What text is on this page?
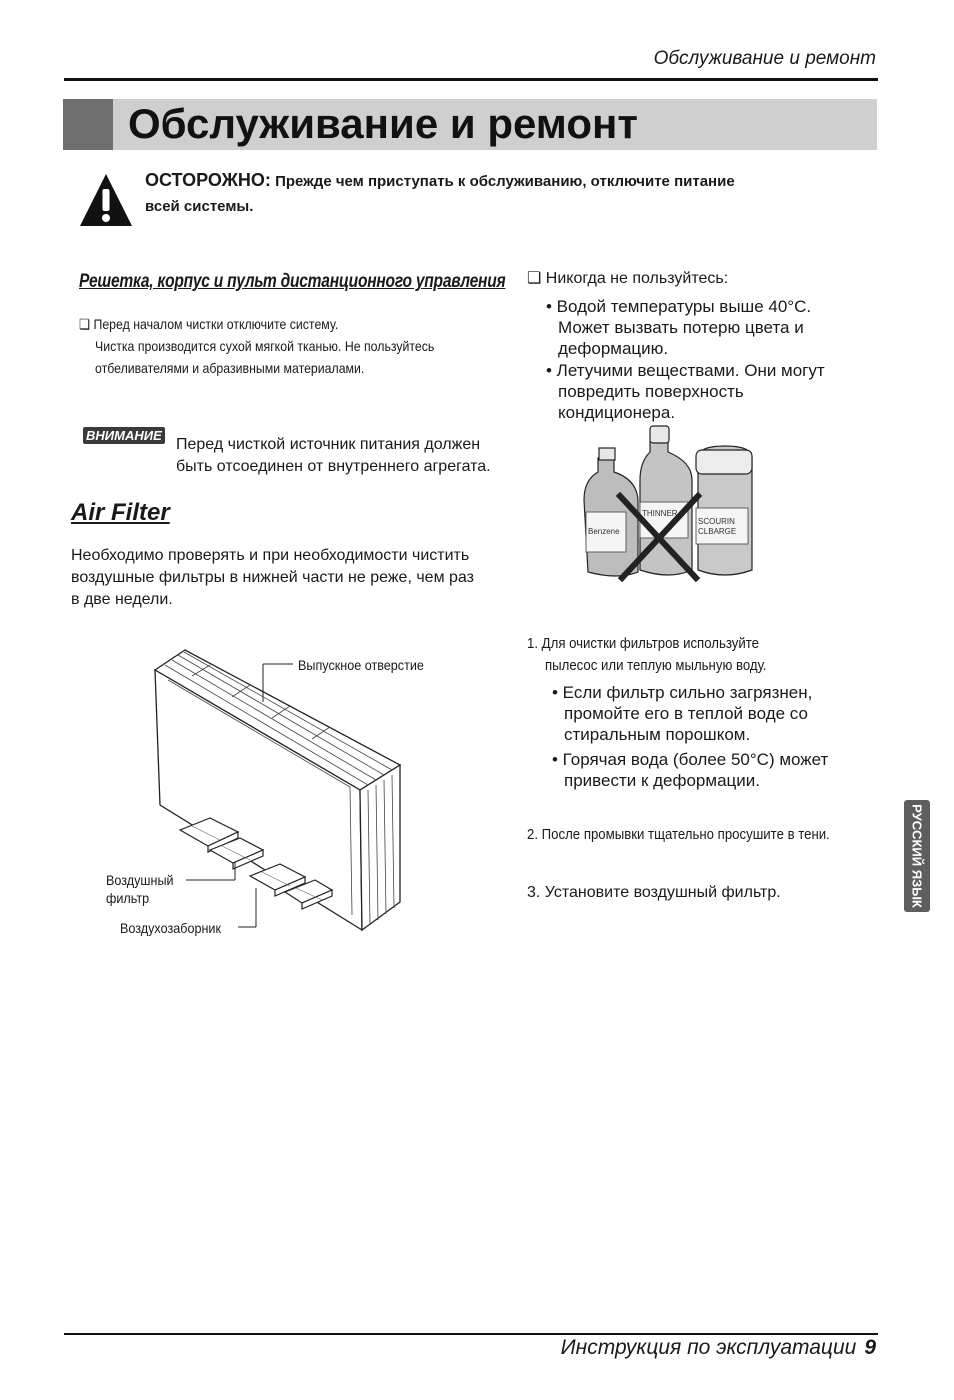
Обслуживание и ремонт
Обслуживание и ремонт
ОСТОРОЖНО: Прежде чем приступать к обслуживанию, отключите питание
всей системы.
Решетка, корпус и пульт дистанционного управления
❏ Перед началом чистки отключите систему.
Чистка производится сухой мягкой тканью. Не пользуйтесь
отбеливателями и абразивными материалами.
ВНИМАНИЕ
Перед чисткой источник питания должен
быть отсоединен от внутреннего агрегата.
Air Filter
Необходимо проверять и при необходимости чистить
воздушные фильтры в нижней части не реже, чем раз
в две недели.
Выпускное отверстие
Воздушный
фильтр
Воздухозаборник
❏ Никогда не пользуйтесь:
• Водой температуры выше 40°C.
Может вызвать потерю цвета и
деформацию.
• Летучими веществами. Они могут
повредить поверхность
кондиционера.
Benzene
THINNER
SCOURIN
CLBARGE
1. Для очистки фильтров используйте
пылесос или теплую мыльную воду.
• Если фильтр сильно загрязнен,
промойте его в теплой воде со
стиральным порошком.
• Горячая вода (более 50°C) может
привести к деформации.
2. После промывки тщательно просушите в тени.
3. Установите воздушный фильтр.	РУССКИЙ ЯЗЫК
Инструкция по эксплуатации 9
